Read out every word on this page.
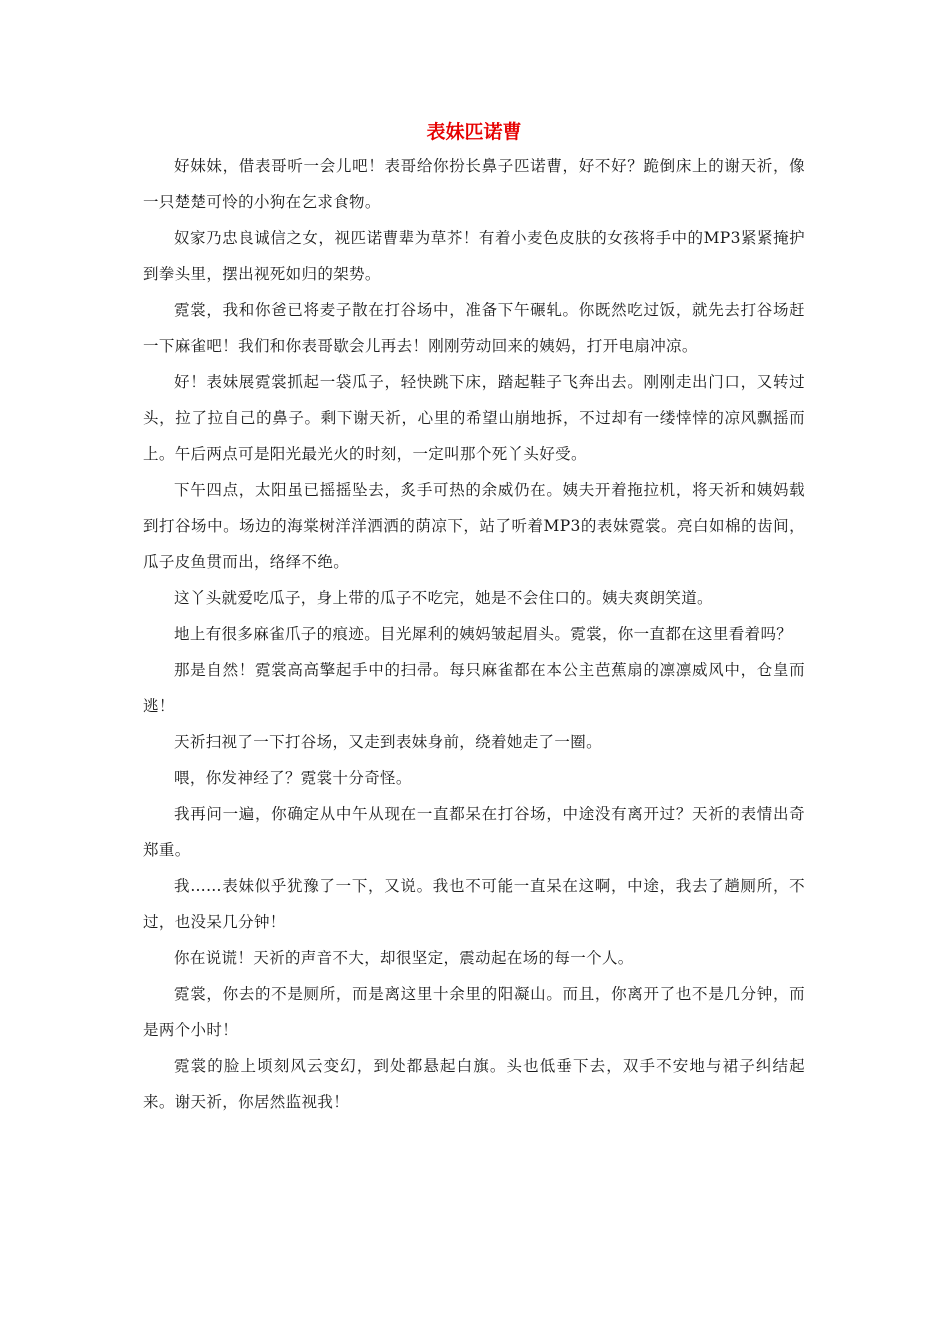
表妹匹诺曹

好妹妹，借表哥听一会儿吧！表哥给你扮长鼻子匹诺曹，好不好？跪倒床上的谢天祈，像一只楚楚可怜的小狗在乞求食物。

奴家乃忠良诚信之女，视匹诺曹辈为草芥！有着小麦色皮肤的女孩将手中的MP3紧紧掩护到拳头里，摆出视死如归的架势。

霓裳，我和你爸已将麦子散在打谷场中，准备下午碾轧。你既然吃过饭，就先去打谷场赶一下麻雀吧！我们和你表哥歇会儿再去！刚刚劳动回来的姨妈，打开电扇冲凉。

好！表妹展霓裳抓起一袋瓜子，轻快跳下床，踏起鞋子飞奔出去。刚刚走出门口，又转过头，拉了拉自己的鼻子。剩下谢天祈，心里的希望山崩地拆，不过却有一缕悻悻的凉风飘摇而上。午后两点可是阳光最光火的时刻，一定叫那个死丫头好受。

下午四点，太阳虽已摇摇坠去，炙手可热的余威仍在。姨夫开着拖拉机，将天祈和姨妈载到打谷场中。场边的海棠树洋洋洒洒的荫凉下，站了听着MP3的表妹霓裳。亮白如棉的齿间，瓜子皮鱼贯而出，络绎不绝。

这丫头就爱吃瓜子，身上带的瓜子不吃完，她是不会住口的。姨夫爽朗笑道。

地上有很多麻雀爪子的痕迹。目光犀利的姨妈皱起眉头。霓裳，你一直都在这里看着吗？

那是自然！霓裳高高擎起手中的扫帚。每只麻雀都在本公主芭蕉扇的凛凛威风中，仓皇而逃！

天祈扫视了一下打谷场，又走到表妹身前，绕着她走了一圈。

喂，你发神经了？霓裳十分奇怪。

我再问一遍，你确定从中午从现在一直都呆在打谷场，中途没有离开过？天祈的表情出奇郑重。

我……表妹似乎犹豫了一下，又说。我也不可能一直呆在这啊，中途，我去了趟厕所，不过，也没呆几分钟！

你在说谎！天祈的声音不大，却很坚定，震动起在场的每一个人。

霓裳，你去的不是厕所，而是离这里十余里的阳凝山。而且，你离开了也不是几分钟，而是两个小时！

霓裳的脸上顷刻风云变幻，到处都悬起白旗。头也低垂下去，双手不安地与裙子纠结起来。谢天祈，你居然监视我！
